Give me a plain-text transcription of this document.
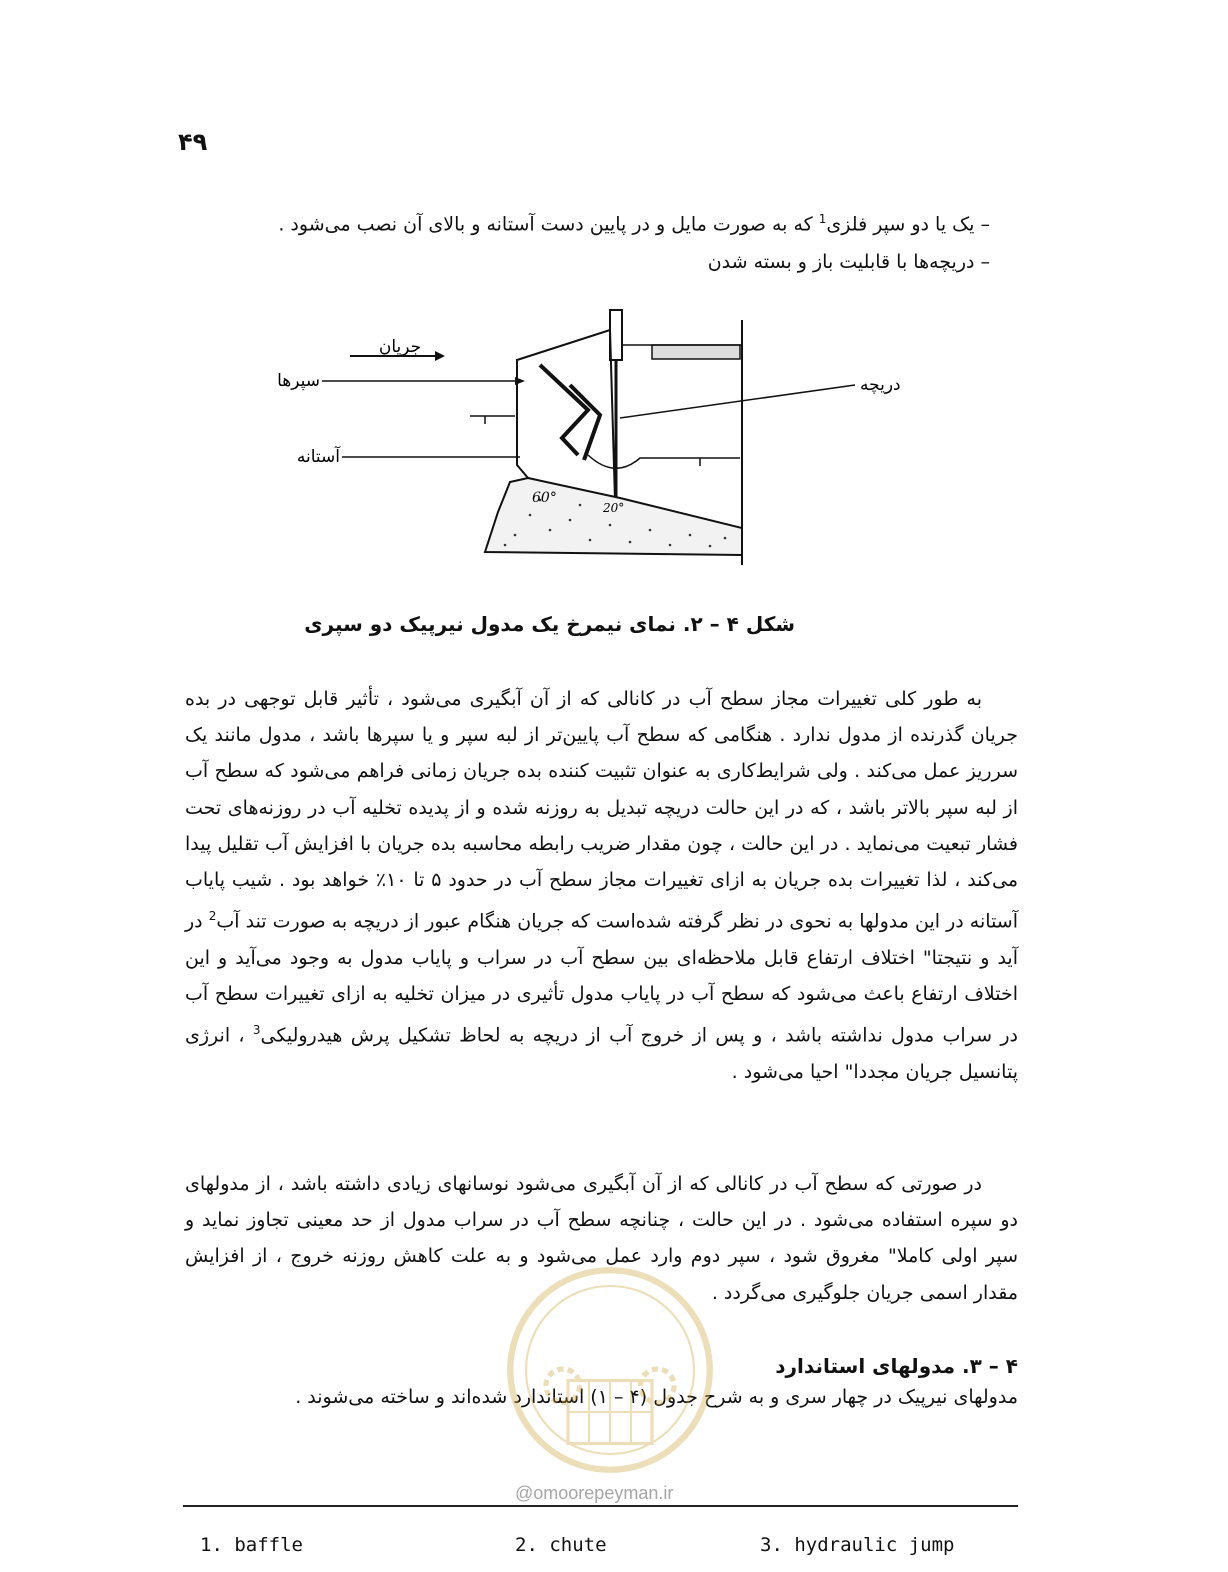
۴۹

– یک یا دو سپر فلزی$^1$ که به صورت مایل و در پایین دست آستانه و بالای آن نصب می‌شود .

– دریچه‌ها با قابلیت باز و بسته شدن

جریان
سپرها
آستانه
دریچه
60°
20°
شکل ۴ – ۲. نمای نیمرخ یک مدول نیرپیک دو سپری

به طور کلی تغییرات مجاز سطح آب در کانالی که از آن آبگیری می‌شود ، تأثیر قابل توجهی در بده جریان گذرنده از مدول ندارد . هنگامی که سطح آب پایین‌تر از لبه سپر و یا سپرها باشد ، مدول مانند یک سرریز عمل می‌کند . ولی شرایط‌کاری به عنوان تثبیت کننده بده جریان زمانی فراهم می‌شود که سطح آب از لبه سپر بالاتر باشد ، که در این حالت دریچه تبدیل به روزنه شده و از پدیده تخلیه آب در روزنه‌های تحت فشار تبعیت می‌نماید . در این حالت ، چون مقدار ضریب رابطه محاسبه بده جریان با افزایش آب تقلیل پیدا می‌کند ، لذا تغییرات بده جریان به ازای تغییرات مجاز سطح آب در حدود ۵ تا ۱۰٪ خواهد بود . شیب پایاب آستانه در این مدولها به نحوی در نظر گرفته شده‌است که جریان هنگام عبور از دریچه به صورت تند آب$^2$ در آید و نتیجتا" اختلاف ارتفاع قابل ملاحظه‌ای بین سطح آب در سراب و پایاب مدول به وجود می‌آید و این اختلاف ارتفاع باعث می‌شود که سطح آب در پایاب مدول تأثیری در میزان تخلیه به ازای تغییرات سطح آب در سراب مدول نداشته باشد ، و پس از خروج آب از دریچه به لحاظ تشکیل پرش هیدرولیکی$^3$ ، انرژی پتانسیل جریان مجددا" احیا می‌شود .

در صورتی که سطح آب در کانالی که از آن آبگیری می‌شود نوسانهای زیادی داشته باشد ، از مدولهای دو سپره استفاده می‌شود . در این حالت ، چنانچه سطح آب در سراب مدول از حد معینی تجاوز نماید و سپر اولی کاملا" مغروق شود ، سپر دوم وارد عمل می‌شود و به علت کاهش روزنه خروج ، از افزایش مقدار اسمی جریان جلوگیری می‌گردد .

۴ – ۳. مدولهای استاندارد
مدولهای نیرپیک در چهار سری و به شرح جدول (۴ – ۱) استاندارد شده‌اند و ساخته می‌شوند .
@omoorepeyman.ir
1. baffle	2. chute	3. hydraulic jump
